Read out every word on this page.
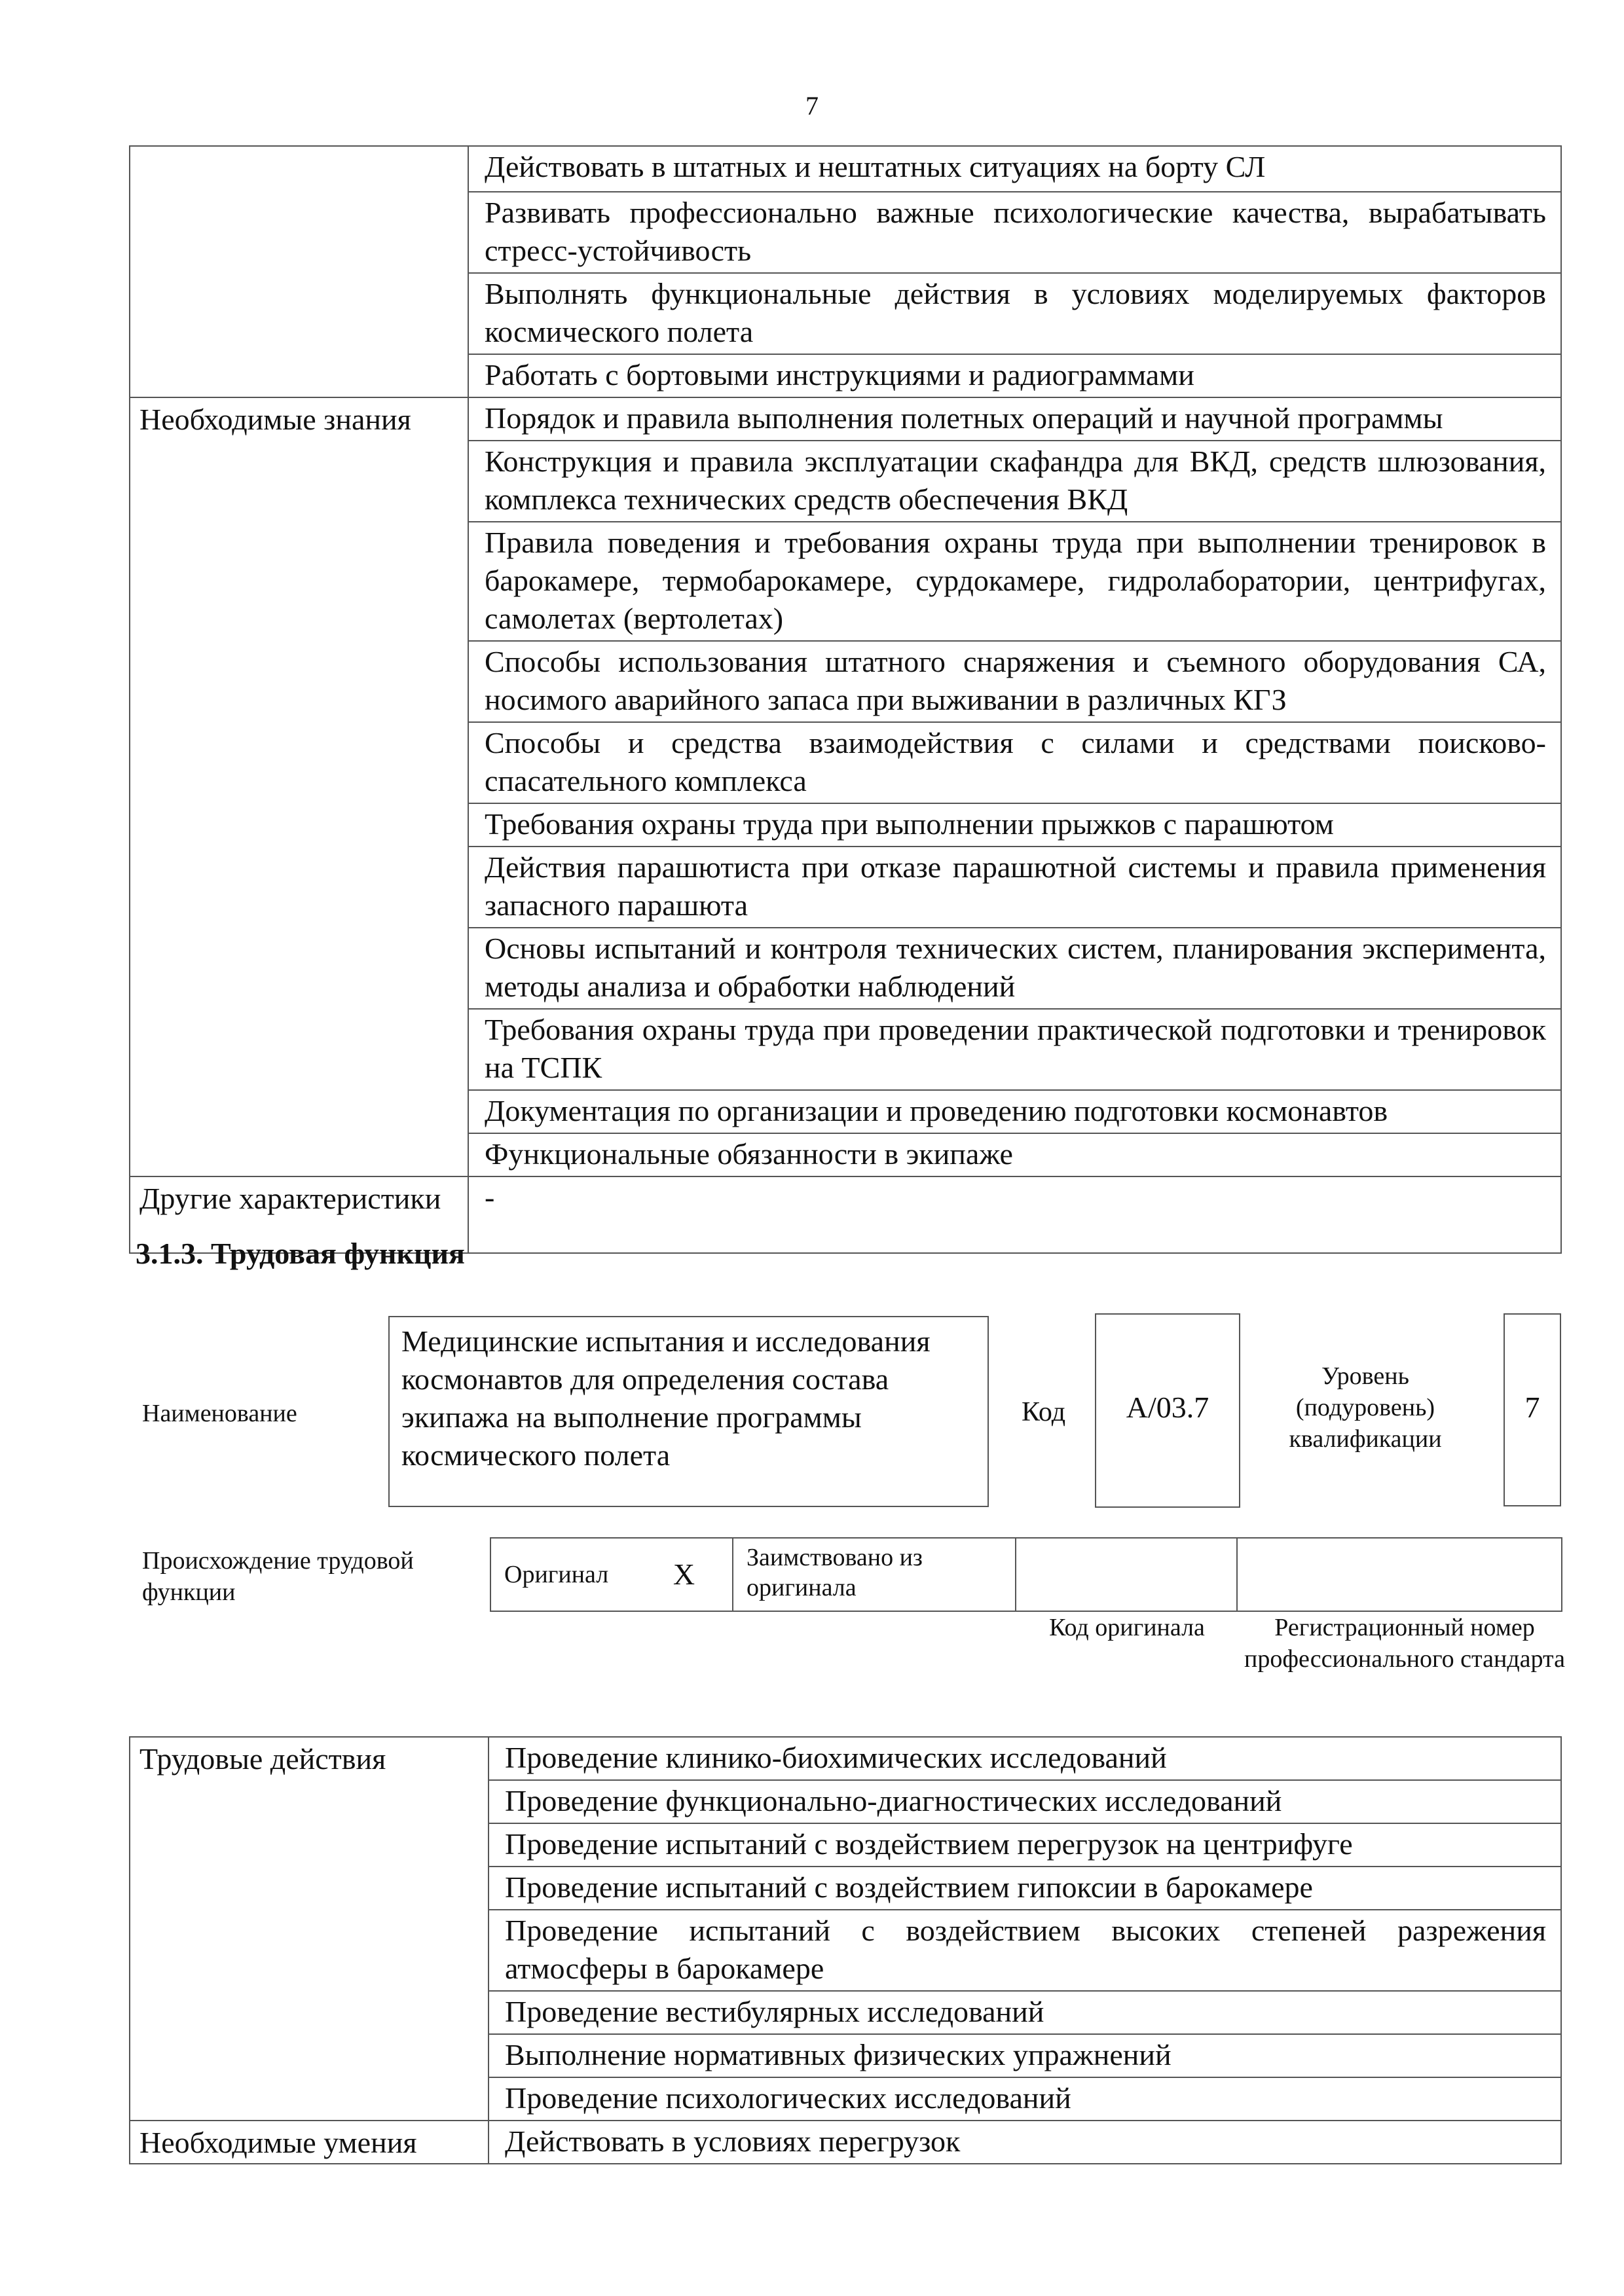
7
	Действовать в штатных и нештатных ситуациях на борту СЛ
	Развивать профессионально важные психологические качества, вырабатывать стресс-устойчивость
	Выполнять функциональные действия в условиях моделируемых факторов космического полета
	Работать с бортовыми инструкциями и радиограммами
Необходимые знания	Порядок и правила выполнения полетных операций и научной программы
	Конструкция и правила эксплуатации скафандра для ВКД, средств шлюзования, комплекса технических средств обеспечения ВКД
	Правила поведения и требования охраны труда при выполнении тренировок в барокамере, термобарокамере, сурдокамере, гидролаборатории, центрифугах, самолетах (вертолетах)
	Способы использования штатного снаряжения и съемного оборудования СА, носимого аварийного запаса при выживании в различных КГЗ
	Способы и средства взаимодействия с силами и средствами поисково-спасательного комплекса
	Требования охраны труда при выполнении прыжков с парашютом
	Действия парашютиста при отказе парашютной системы и правила применения запасного парашюта
	Основы испытаний и контроля технических систем, планирования эксперимента, методы анализа и обработки наблюдений
	Требования охраны труда при проведении практической подготовки и тренировок на ТСПК
	Документация по организации и проведению подготовки космонавтов
	Функциональные обязанности в экипаже
Другие характеристики	-
3.1.3. Трудовая функция
Наименование
Медицинские испытания и исследования космонавтов для определения состава экипажа на выполнение программы космического полета
Код А/03.7
Уровень (подуровень) квалификации
7
Происхождение трудовой функции
Оригинал	X	Заимствовано из оригинала		
Код оригинала	Регистрационный номер профессионального стандарта
Трудовые действия	Проведение клинико-биохимических исследований
	Проведение функционально-диагностических исследований
	Проведение испытаний с воздействием перегрузок на центрифуге
	Проведение испытаний с воздействием гипоксии в барокамере
	Проведение испытаний с воздействием высоких степеней разрежения атмосферы в барокамере
	Проведение вестибулярных исследований
	Выполнение нормативных физических упражнений
	Проведение психологических исследований
Необходимые умения	Действовать в условиях перегрузок
